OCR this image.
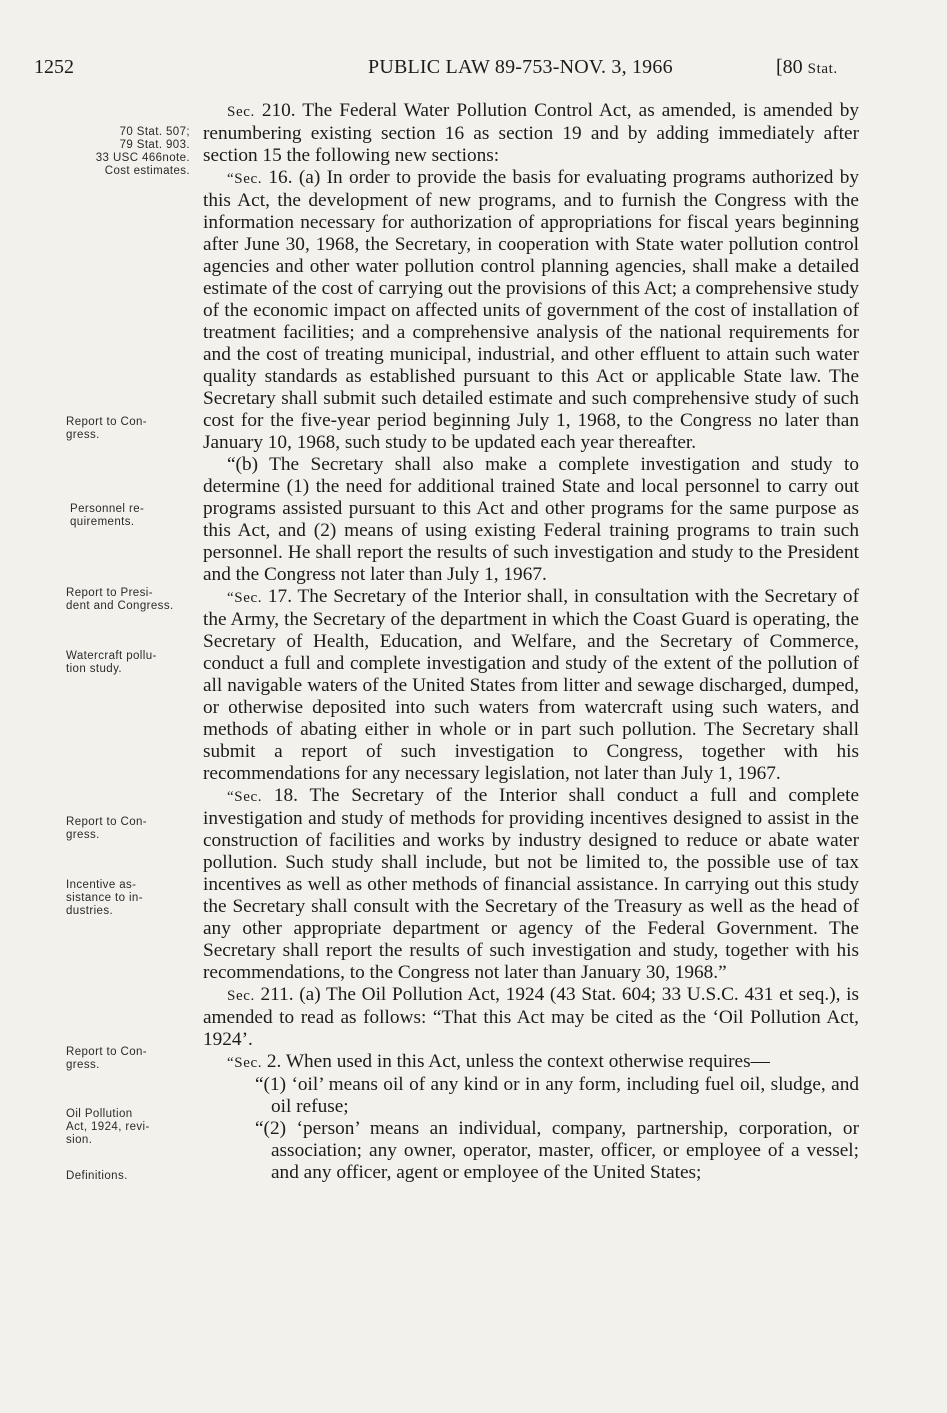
1252	PUBLIC LAW 89-753-NOV. 3, 1966	[80 Stat.
70 Stat. 507;
79 Stat. 903.
33 USC 466note.
Cost estimates.
Report to Con-
gress.
Personnel re-
quirements.
Report to Presi-
dent and Congress.
Watercraft pollu-
tion study.
Report to Con-
gress.
Incentive as-
sistance to in-
dustries.
Report to Con-
gress.
Oil Pollution
Act, 1924, revi-
sion.
Definitions.

Sec. 210. The Federal Water Pollution Control Act, as amended, is amended by renumbering existing section 16 as section 19 and by adding immediately after section 15 the following new sections:

“Sec. 16. (a) In order to provide the basis for evaluating programs authorized by this Act, the development of new programs, and to furnish the Congress with the information necessary for authorization of appropriations for fiscal years beginning after June 30, 1968, the Secretary, in cooperation with State water pollution control agencies and other water pollution control planning agencies, shall make a detailed estimate of the cost of carrying out the provisions of this Act; a comprehensive study of the economic impact on affected units of government of the cost of installation of treatment facilities; and a comprehensive analysis of the national requirements for and the cost of treating municipal, industrial, and other effluent to attain such water quality standards as established pursuant to this Act or applicable State law. The Secretary shall submit such detailed estimate and such comprehensive study of such cost for the five-year period beginning July 1, 1968, to the Congress no later than January 10, 1968, such study to be updated each year thereafter.

“(b) The Secretary shall also make a complete investigation and study to determine (1) the need for additional trained State and local personnel to carry out programs assisted pursuant to this Act and other programs for the same purpose as this Act, and (2) means of using existing Federal training programs to train such personnel. He shall report the results of such investigation and study to the President and the Congress not later than July 1, 1967.

“Sec. 17. The Secretary of the Interior shall, in consultation with the Secretary of the Army, the Secretary of the department in which the Coast Guard is operating, the Secretary of Health, Education, and Welfare, and the Secretary of Commerce, conduct a full and complete investigation and study of the extent of the pollution of all navigable waters of the United States from litter and sewage discharged, dumped, or otherwise deposited into such waters from watercraft using such waters, and methods of abating either in whole or in part such pollution. The Secretary shall submit a report of such investigation to Congress, together with his recommendations for any necessary legislation, not later than July 1, 1967.

“Sec. 18. The Secretary of the Interior shall conduct a full and complete investigation and study of methods for providing incentives designed to assist in the construction of facilities and works by industry designed to reduce or abate water pollution. Such study shall include, but not be limited to, the possible use of tax incentives as well as other methods of financial assistance. In carrying out this study the Secretary shall consult with the Secretary of the Treasury as well as the head of any other appropriate department or agency of the Federal Government. The Secretary shall report the results of such investigation and study, together with his recommendations, to the Congress not later than January 30, 1968.”

Sec. 211. (a) The Oil Pollution Act, 1924 (43 Stat. 604; 33 U.S.C. 431 et seq.), is amended to read as follows: “That this Act may be cited as the ‘Oil Pollution Act, 1924’.

“Sec. 2. When used in this Act, unless the context otherwise requires—

“(1) ‘oil’ means oil of any kind or in any form, including fuel oil, sludge, and oil refuse;

“(2) ‘person’ means an individual, company, partnership, corporation, or association; any owner, operator, master, officer, or employee of a vessel; and any officer, agent or employee of the United States;
